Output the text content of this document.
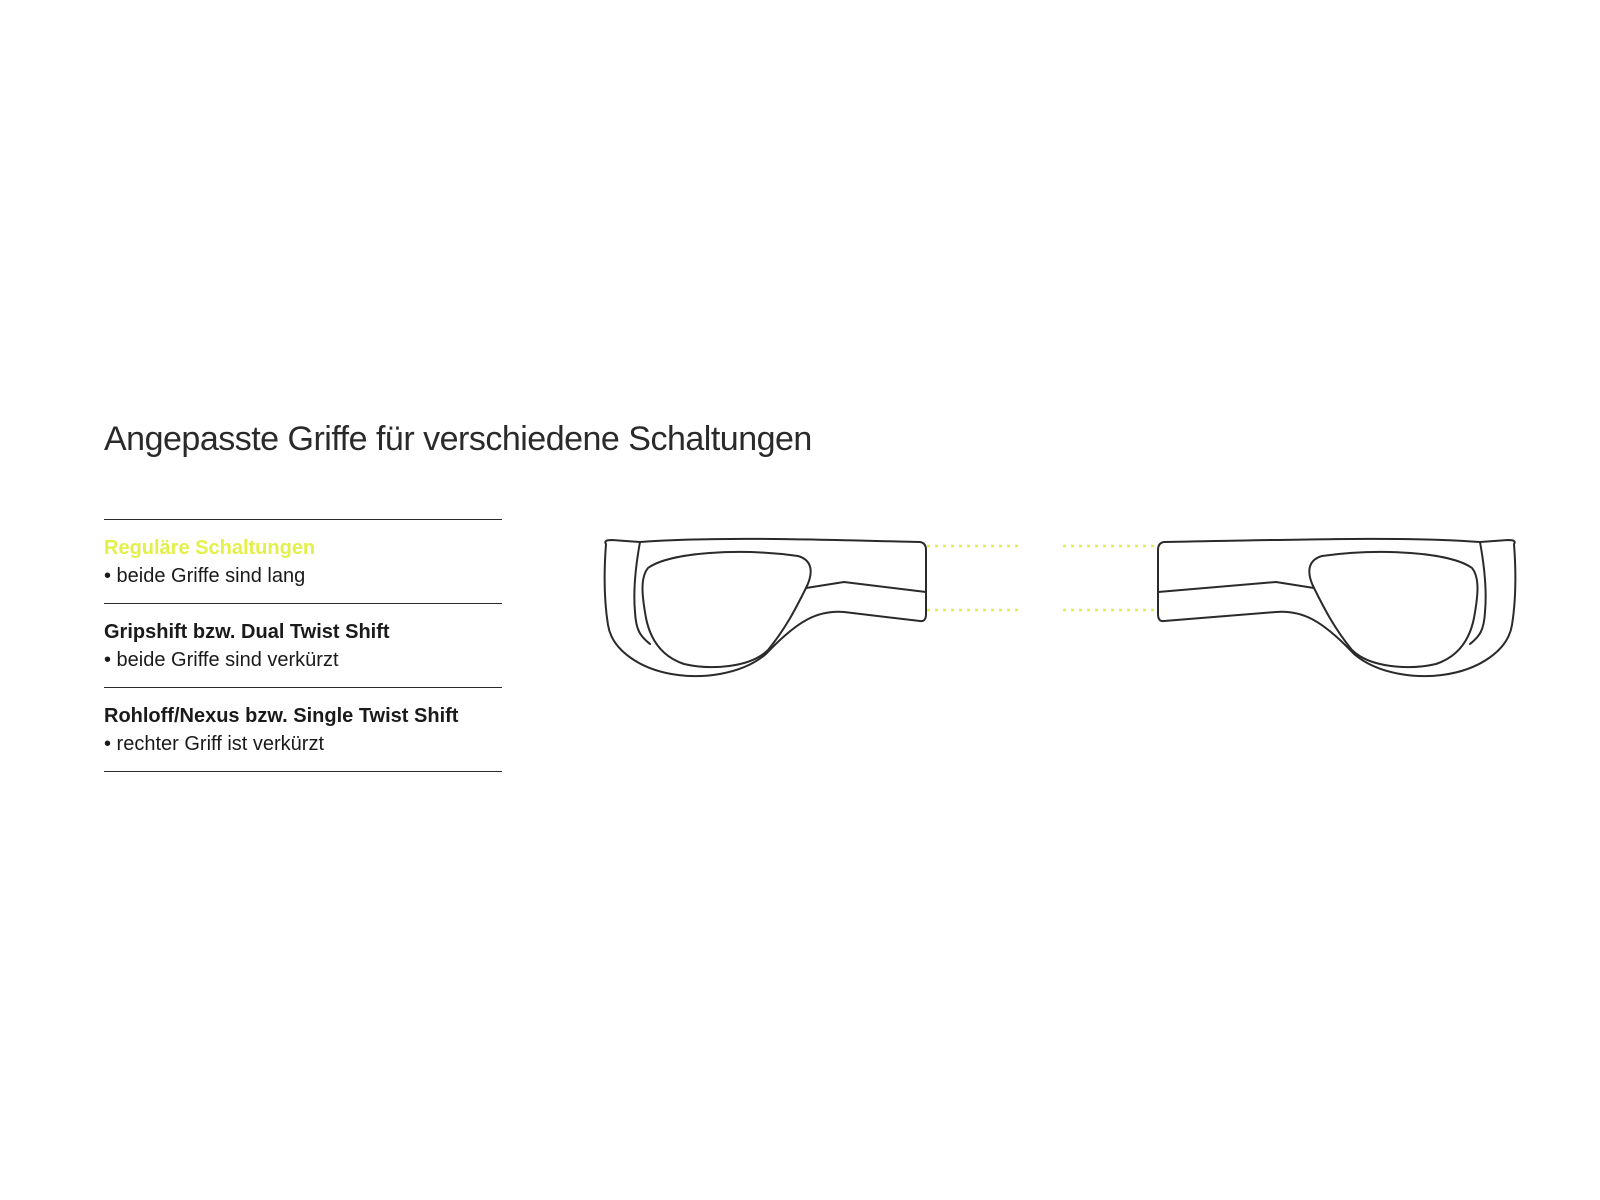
Angepasste Griffe für verschiedene Schaltungen
Reguläre Schaltungen
• beide Griffe sind lang
Gripshift bzw. Dual Twist Shift
• beide Griffe sind verkürzt
Rohloff/Nexus bzw. Single Twist Shift
• rechter Griff ist verkürzt
